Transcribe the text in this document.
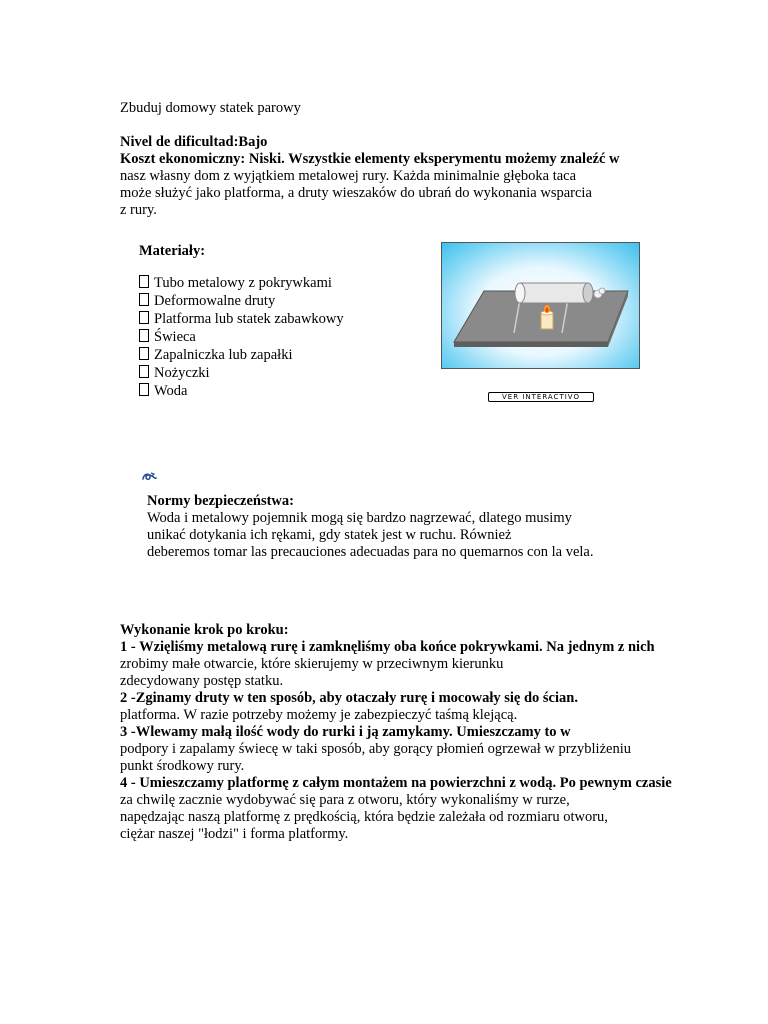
Zbuduj domowy statek parowy
Nivel de dificultad:Bajo
Koszt ekonomiczny: Niski. Wszystkie elementy eksperymentu możemy znaleźć w
nasz własny dom z wyjątkiem metalowej rury. Każda minimalnie głęboka taca
może służyć jako platforma, a druty wieszaków do ubrań do wykonania wsparcia
z rury.
Materiały:
Tubo metalowy z pokrywkami
Deformowalne druty
Platforma lub statek zabawkowy
Świeca
Zapalniczka lub zapałki
Nożyczki
Woda	VER INTERACTIVO
Normy bezpieczeństwa:
Woda i metalowy pojemnik mogą się bardzo nagrzewać, dlatego musimy
unikać dotykania ich rękami, gdy statek jest w ruchu. Również
deberemos tomar las precauciones adecuadas para no quemarnos con la vela.
Wykonanie krok po kroku:
1 - Wzięliśmy metalową rurę i zamknęliśmy oba końce pokrywkami. Na jednym z nich
zrobimy małe otwarcie, które skierujemy w przeciwnym kierunku
zdecydowany postęp statku.
2 -Zginamy druty w ten sposób, aby otaczały rurę i mocowały się do ścian.
platforma. W razie potrzeby możemy je zabezpieczyć taśmą klejącą.
3 -Wlewamy małą ilość wody do rurki i ją zamykamy. Umieszczamy to w
podpory i zapalamy świecę w taki sposób, aby gorący płomień ogrzewał w przybliżeniu
punkt środkowy rury.
4 - Umieszczamy platformę z całym montażem na powierzchni z wodą. Po pewnym czasie
za chwilę zacznie wydobywać się para z otworu, który wykonaliśmy w rurze,
napędzając naszą platformę z prędkością, która będzie zależała od rozmiaru otworu,
ciężar naszej "łodzi" i forma platformy.
